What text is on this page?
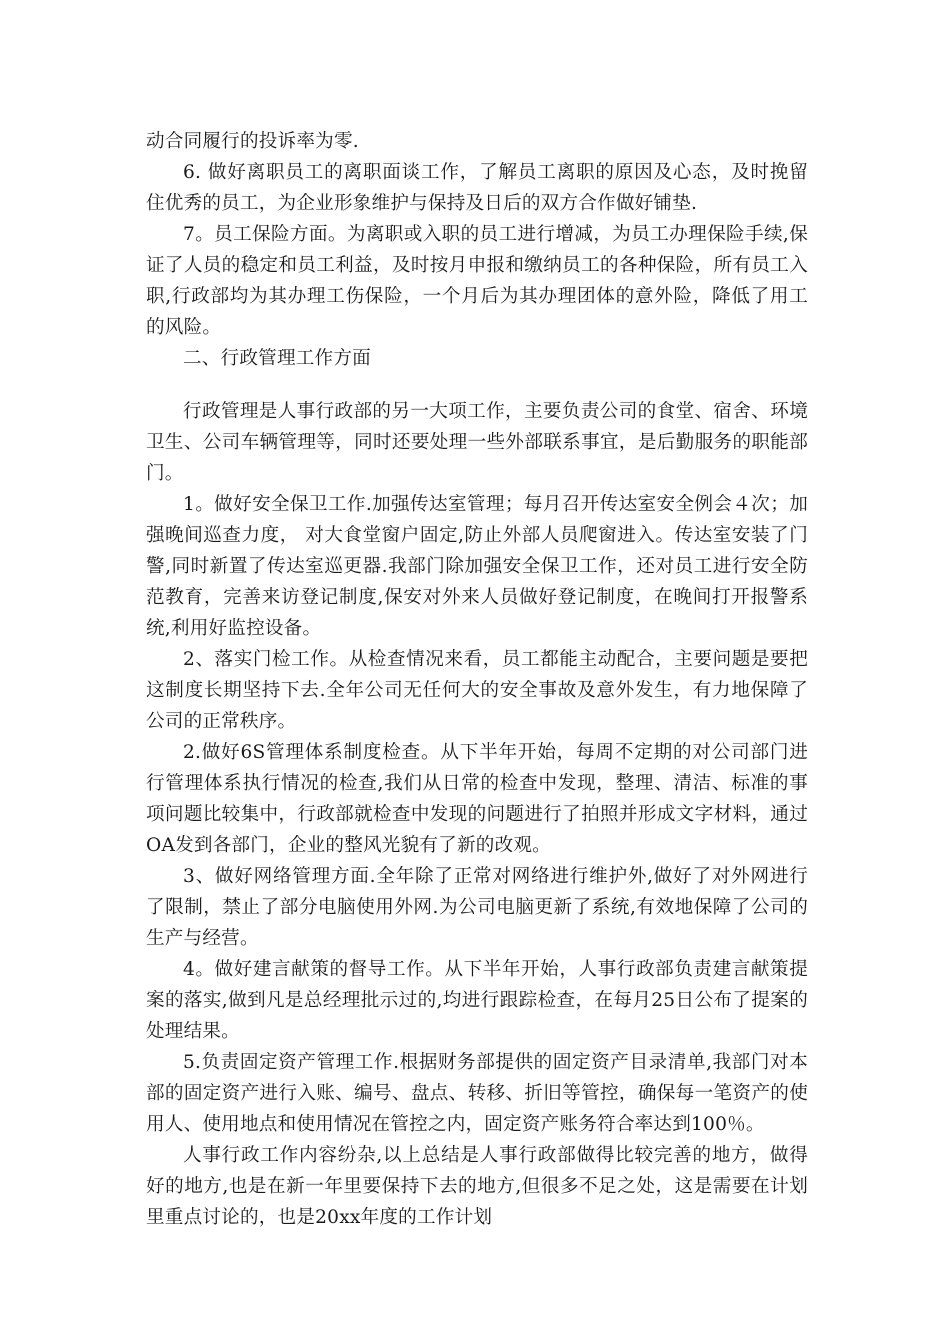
动合同履行的投诉率为零.

6. 做好离职员工的离职面谈工作，了解员工离职的原因及心态，及时挽留住优秀的员工，为企业形象维护与保持及日后的双方合作做好铺垫.

7。员工保险方面。为离职或入职的员工进行增减，为员工办理保险手续,保证了人员的稳定和员工利益，及时按月申报和缴纳员工的各种保险，所有员工入职,行政部均为其办理工伤保险，一个月后为其办理团体的意外险，降低了用工的风险。

二、行政管理工作方面

行政管理是人事行政部的另一大项工作，主要负责公司的食堂、宿舍、环境卫生、公司车辆管理等，同时还要处理一些外部联系事宜，是后勤服务的职能部门。

1。做好安全保卫工作.加强传达室管理；每月召开传达室安全例会４次；加强晚间巡查力度， 对大食堂窗户固定,防止外部人员爬窗进入。传达室安装了门警,同时新置了传达室巡更器.我部门除加强安全保卫工作，还对员工进行安全防范教育，完善来访登记制度,保安对外来人员做好登记制度，在晚间打开报警系统,利用好监控设备。

2、落实门检工作。从检查情况来看，员工都能主动配合，主要问题是要把这制度长期坚持下去.全年公司无任何大的安全事故及意外发生，有力地保障了公司的正常秩序。

2.做好6S管理体系制度检查。从下半年开始，每周不定期的对公司部门进行管理体系执行情况的检查,我们从日常的检查中发现，整理、清洁、标准的事项问题比较集中，行政部就检查中发现的问题进行了拍照并形成文字材料，通过OA发到各部门，企业的整风光貌有了新的改观。

3、做好网络管理方面.全年除了正常对网络进行维护外,做好了对外网进行了限制，禁止了部分电脑使用外网.为公司电脑更新了系统,有效地保障了公司的生产与经营。

4。做好建言献策的督导工作。从下半年开始，人事行政部负责建言献策提案的落实,做到凡是总经理批示过的,均进行跟踪检查，在每月25日公布了提案的处理结果。

5.负责固定资产管理工作.根据财务部提供的固定资产目录清单,我部门对本部的固定资产进行入账、编号、盘点、转移、折旧等管控，确保每一笔资产的使用人、使用地点和使用情况在管控之内，固定资产账务符合率达到100％。

人事行政工作内容纷杂,以上总结是人事行政部做得比较完善的地方，做得好的地方,也是在新一年里要保持下去的地方,但很多不足之处，这是需要在计划里重点讨论的，也是20xx年度的工作计划
